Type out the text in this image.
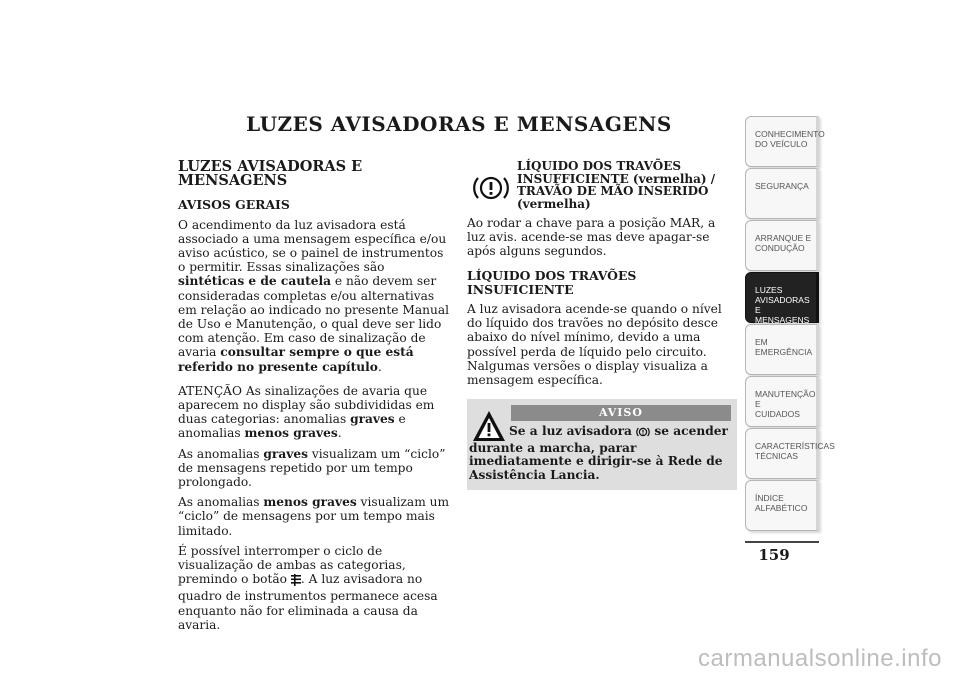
LUZES AVISADORAS E MENSAGENS
LUZES AVISADORAS E MENSAGENS
AVISOS GERAIS

O acendimento da luz avisadora está associado a uma mensagem específica e/ou aviso acústico, se o painel de instrumentos o permitir. Essas sinalizações são sintéticas e de cautela e não devem ser consideradas completas e/ou alternativas em relação ao indicado no presente Manual de Uso e Manutenção, o qual deve ser lido com atenção. Em caso de sinalização de avaria consultar sempre o que está referido no presente capítulo.

ATENÇÃO As sinalizações de avaria que aparecem no display são subdivididas em duas categorias: anomalias graves e anomalias menos graves.

As anomalias graves visualizam um “ciclo” de mensagens repetido por um tempo prolongado.

As anomalias menos graves visualizam um “ciclo” de mensagens por um tempo mais limitado.

É possível interromper o ciclo de visualização de ambas as categorias, premindo o botão . A luz avisadora no quadro de instrumentos permanece acesa enquanto não for eliminada a causa da avaria.

LÍQUIDO DOS TRAVÕES INSUFFICIENTE (vermelha) / TRAVÃO DE MÃO INSERIDO (vermelha)

Ao rodar a chave para a posição MAR, a luz avis. acende-se mas deve apagar-se após alguns segundos.

LÍQUIDO DOS TRAVÕES INSUFICIENTE

A luz avisadora acende-se quando o nível do líquido dos travões no depósito desce abaixo do nível mínimo, devido a uma possível perda de líquido pelo circuito. Nalgumas versões o display visualiza a mensagem específica.

AVISO
Se a luz avisadora  se acender durante a marcha, parar imediatamente e dirigir-se à Rede de Assistência Lancia.
CONHECIMENTO
DO VEÍCULO
SEGURANÇA
ARRANQUE E
CONDUÇÃO
LUZES
AVISADORAS E
MENSAGENS
EM EMERGÊNCIA
MANUTENÇÃO E
CUIDADOS
CARACTERÍSTICAS
TÉCNICAS
ÍNDICE
ALFABÉTICO
159
carmanualsonline.info
